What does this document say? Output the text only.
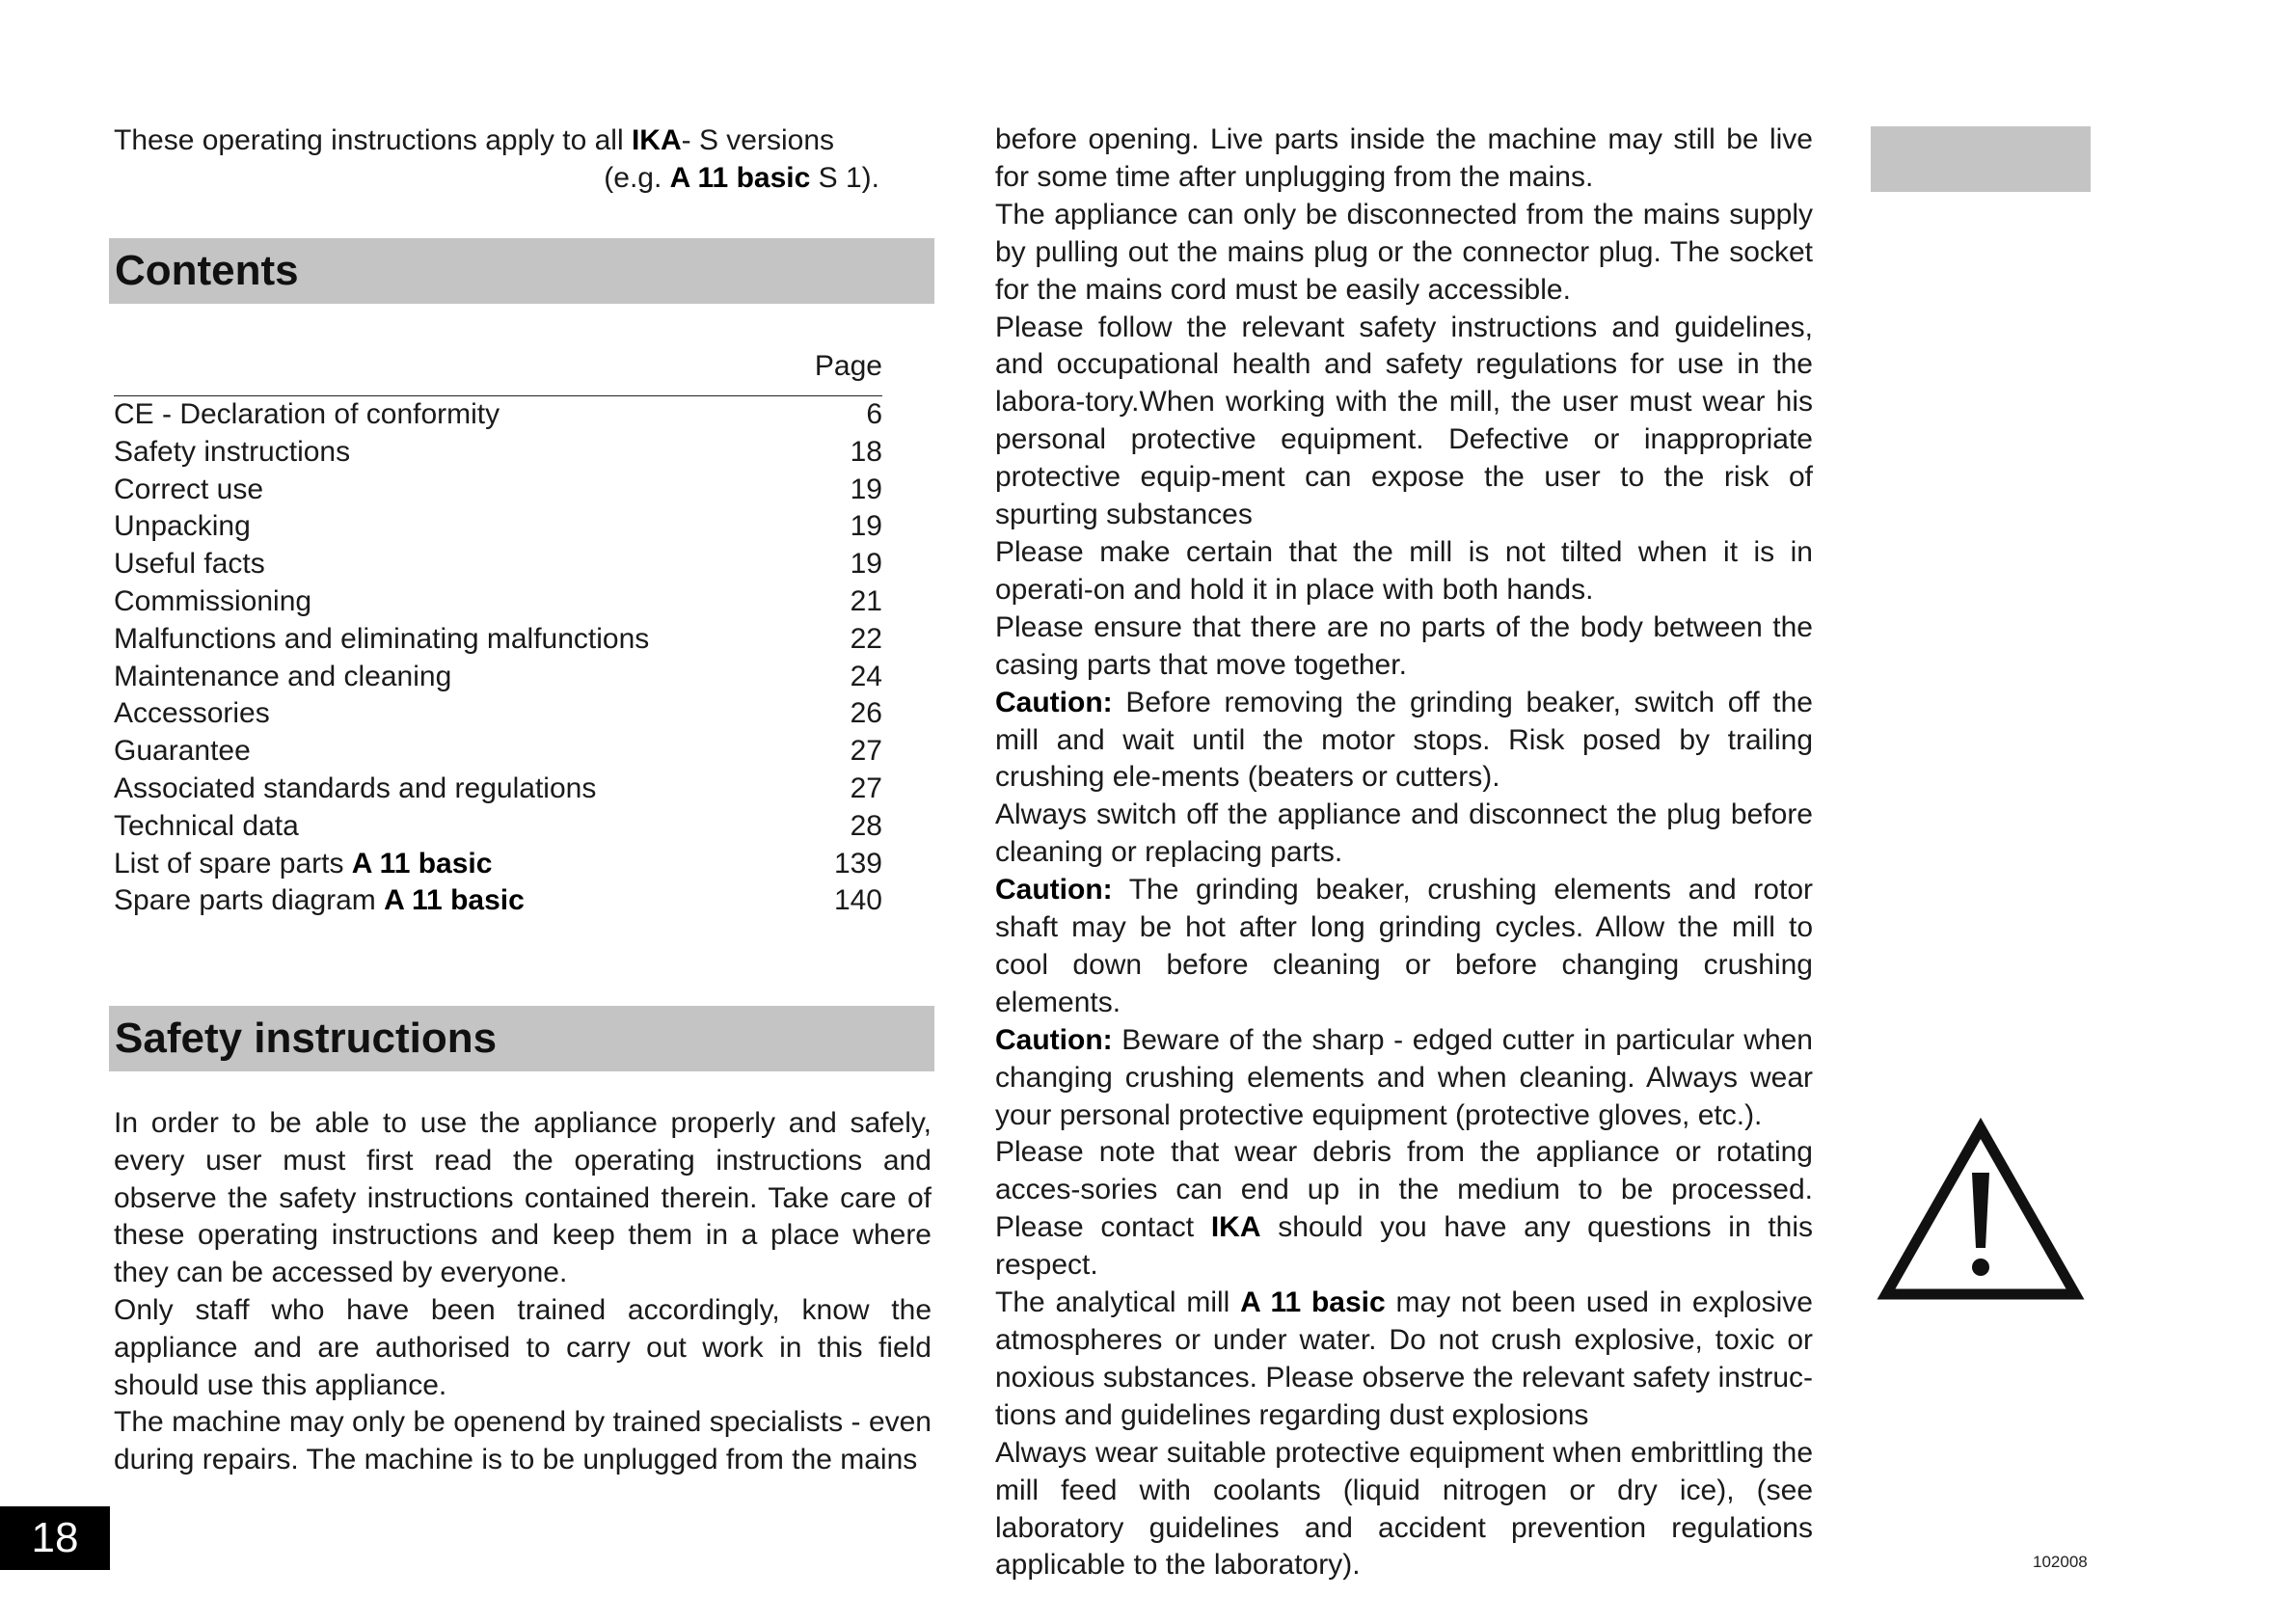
These operating instructions apply to all IKA- S versions
(e.g. A 11 basic S 1).
Contents
Page
CE - Declaration of conformity	6
Safety instructions	18
Correct use	19
Unpacking	19
Useful facts	19
Commissioning	21
Malfunctions and eliminating malfunctions	22
Maintenance and cleaning	24
Accessories	26
Guarantee	27
Associated standards and regulations	27
Technical data	28
List of spare parts A 11 basic	139
Spare parts diagram A 11 basic	140
Safety instructions

In order to be able to use the appliance properly and safely, every user must first read the operating instructions and observe the safety instructions contained therein. Take care of these operating instructions and keep them in a place where they can be accessed by everyone.

Only staff who have been trained accordingly, know the appliance and are authorised to carry out work in this field should use this appliance.

The machine may only be openend by trained specialists - even during repairs. The machine is to be unplugged from the mains

before opening. Live parts inside the machine may still be live for some time after unplugging from the mains.

The appliance can only be disconnected from the mains supply by pulling out the mains plug or the connector plug. The socket for the mains cord must be easily accessible.

Please follow the relevant safety instructions and guidelines, and occupational health and safety regulations for use in the labora-tory.When working with the mill, the user must wear his personal protective equipment. Defective or inappropriate protective equip-ment can expose the user to the risk of spurting substances

Please make certain that the mill is not tilted when it is in operati-on and hold it in place with both hands.

Please ensure that there are no parts of the body between the casing parts that move together.

Caution: Before removing the grinding beaker, switch off the mill and wait until the motor stops. Risk posed by trailing crushing ele-ments (beaters or cutters).

Always switch off the appliance and disconnect the plug before cleaning or replacing parts.

Caution: The grinding beaker, crushing elements and rotor shaft may be hot after long grinding cycles. Allow the mill to cool down before cleaning or before changing crushing elements.

Caution: Beware of the sharp - edged cutter in particular when changing crushing elements and when cleaning. Always wear your personal protective equipment (protective gloves, etc.).

Please note that wear debris from the appliance or rotating acces-sories can end up in the medium to be processed. Please contact IKA should you have any questions in this respect.

The analytical mill A 11 basic may not been used in explosive atmospheres or under water. Do not crush explosive, toxic or noxious substances. Please observe the relevant safety instruc-tions and guidelines regarding dust explosions

Always wear suitable protective equipment when embrittling the mill feed with coolants (liquid nitrogen or dry ice), (see laboratory guidelines and accident prevention regulations applicable to the laboratory).

18
102008
